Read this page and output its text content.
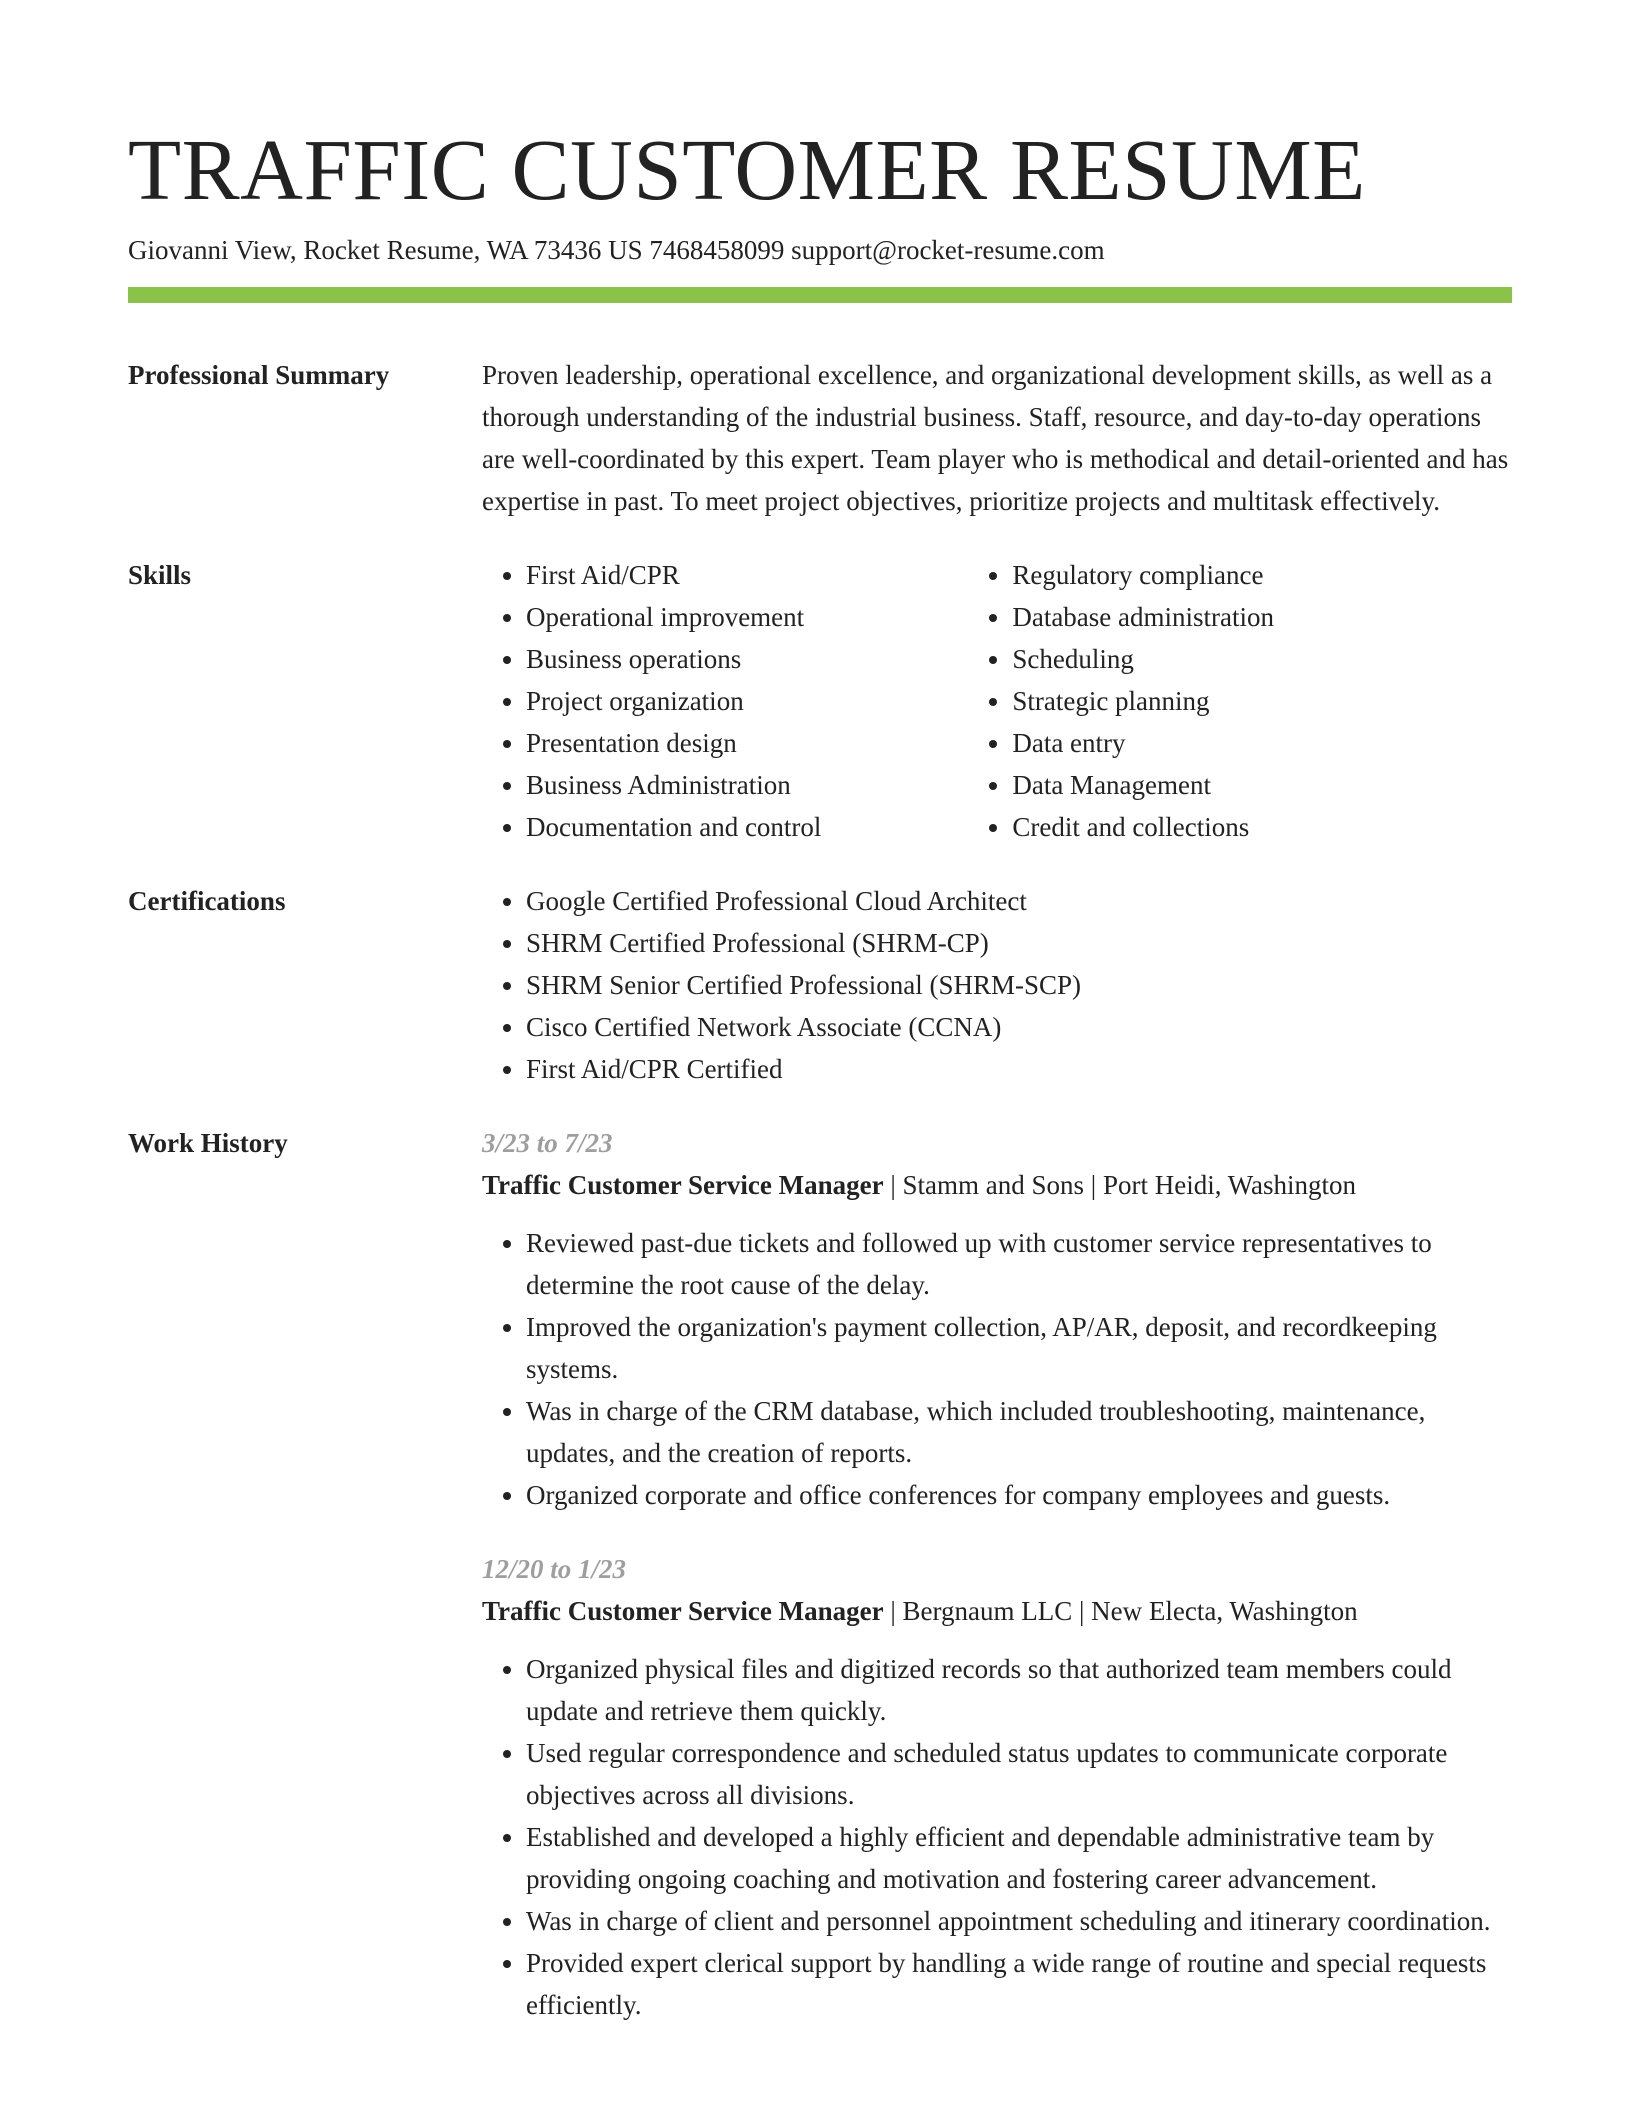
TRAFFIC CUSTOMER RESUME
Giovanni View, Rocket Resume, WA 73436 US 7468458099 support@rocket-resume.com
Professional Summary	Proven leadership, operational excellence, and organizational development skills, as well as a thorough understanding of the industrial business. Staff, resource, and day-to-day operations are well-coordinated by this expert. Team player who is methodical and detail-oriented and has expertise in past. To meet project objectives, prioritize projects and multitask effectively.

Skills	• First Aid/CPR
• Operational improvement
• Business operations
• Project organization
• Presentation design
• Business Administration
• Documentation and control
• Regulatory compliance
• Database administration
• Scheduling
• Strategic planning
• Data entry
• Data Management
• Credit and collections
Certifications	• Google Certified Professional Cloud Architect
• SHRM Certified Professional (SHRM-CP)
• SHRM Senior Certified Professional (SHRM-SCP)
• Cisco Certified Network Associate (CCNA)
• First Aid/CPR Certified
Work History	3/23 to 7/23
Traffic Customer Service Manager | Stamm and Sons | Port Heidi, Washington
• Reviewed past-due tickets and followed up with customer service representatives to determine the root cause of the delay.
• Improved the organization's payment collection, AP/AR, deposit, and recordkeeping systems.
• Was in charge of the CRM database, which included troubleshooting, maintenance, updates, and the creation of reports.
• Organized corporate and office conferences for company employees and guests.
12/20 to 1/23
Traffic Customer Service Manager | Bergnaum LLC | New Electa, Washington
• Organized physical files and digitized records so that authorized team members could update and retrieve them quickly.
• Used regular correspondence and scheduled status updates to communicate corporate objectives across all divisions.
• Established and developed a highly efficient and dependable administrative team by providing ongoing coaching and motivation and fostering career advancement.
• Was in charge of client and personnel appointment scheduling and itinerary coordination.
• Provided expert clerical support by handling a wide range of routine and special requests efficiently.
